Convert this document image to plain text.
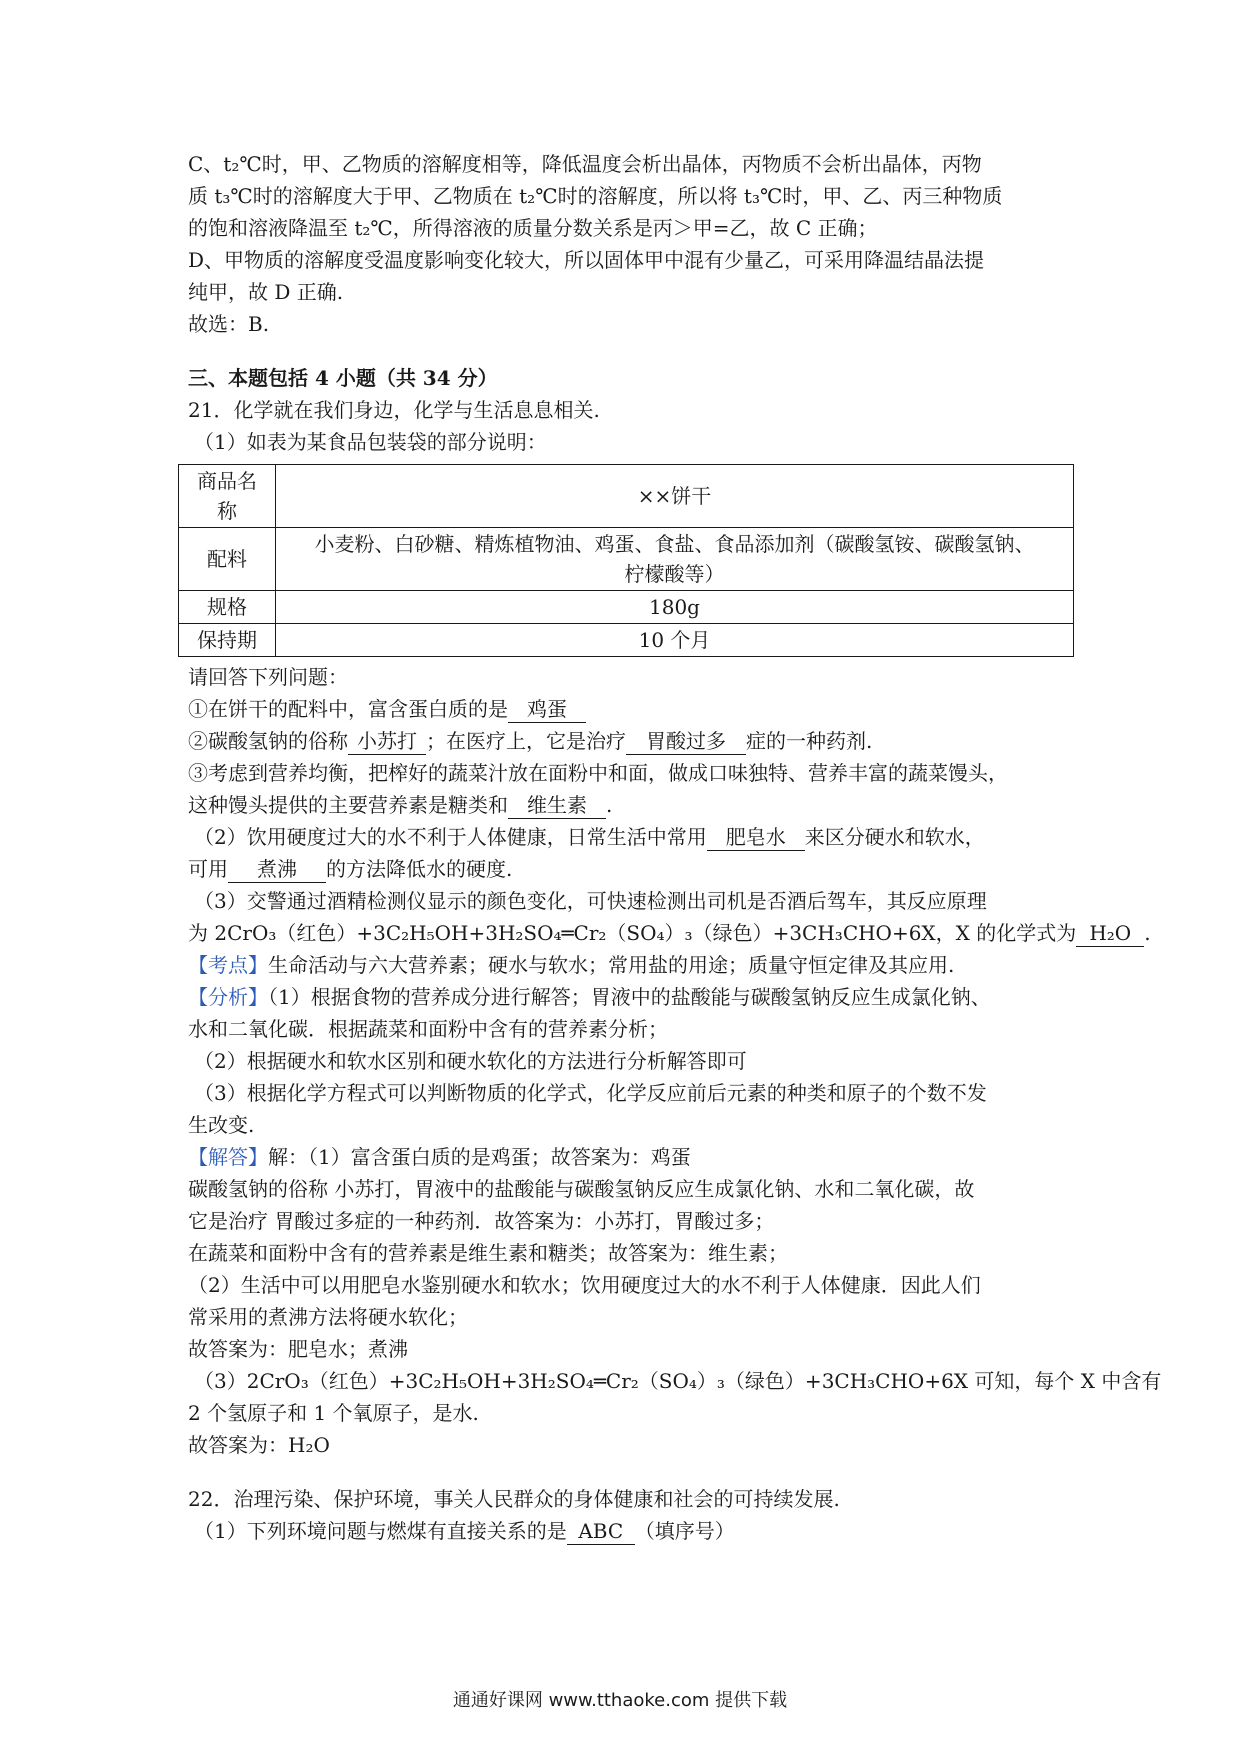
C、t₂℃时，甲、乙物质的溶解度相等，降低温度会析出晶体，丙物质不会析出晶体，丙物
质 t₃℃时的溶解度大于甲、乙物质在 t₂℃时的溶解度，所以将 t₃℃时，甲、乙、丙三种物质
的饱和溶液降温至 t₂℃，所得溶液的质量分数关系是丙＞甲=乙，故 C 正确；
D、甲物质的溶解度受温度影响变化较大，所以固体甲中混有少量乙，可采用降温结晶法提
纯甲，故 D 正确.
故选：B.
三、本题包括 4 小题（共 34 分）
21．化学就在我们身边，化学与生活息息相关.
（1）如表为某食品包装袋的部分说明：
商品名
称	××饼干
配料	小麦粉、白砂糖、精炼植物油、鸡蛋、食盐、食品添加剂（碳酸氢铵、碳酸氢钠、
柠檬酸等）
规格	180g
保持期	10 个月
请回答下列问题：
①在饼干的配料中，富含蛋白质的是 鸡蛋
②碳酸氢钠的俗称 小苏打 ；在医疗上，它是治疗 胃酸过多 症的一种药剂.
③考虑到营养均衡，把榨好的蔬菜汁放在面粉中和面，做成口味独特、营养丰富的蔬菜馒头，
这种馒头提供的主要营养素是糖类和 维生素 .
（2）饮用硬度过大的水不利于人体健康，日常生活中常用 肥皂水 来区分硬水和软水，
可用 煮沸 的方法降低水的硬度.
（3）交警通过酒精检测仪显示的颜色变化，可快速检测出司机是否酒后驾车，其反应原理
为 2CrO₃（红色）+3C₂H₅OH+3H₂SO₄═Cr₂（SO₄）₃（绿色）+3CH₃CHO+6X，X 的化学式为 H₂O .
【考点】生命活动与六大营养素；硬水与软水；常用盐的用途；质量守恒定律及其应用.
【分析】（1）根据食物的营养成分进行解答；胃液中的盐酸能与碳酸氢钠反应生成氯化钠、
水和二氧化碳．根据蔬菜和面粉中含有的营养素分析；
（2）根据硬水和软水区别和硬水软化的方法进行分析解答即可
（3）根据化学方程式可以判断物质的化学式，化学反应前后元素的种类和原子的个数不发
生改变.
【解答】解：（1）富含蛋白质的是鸡蛋；故答案为：鸡蛋
碳酸氢钠的俗称 小苏打，胃液中的盐酸能与碳酸氢钠反应生成氯化钠、水和二氧化碳，故
它是治疗 胃酸过多症的一种药剂．故答案为：小苏打，胃酸过多；
在蔬菜和面粉中含有的营养素是维生素和糖类；故答案为：维生素；
（2）生活中可以用肥皂水鉴别硬水和软水；饮用硬度过大的水不利于人体健康．因此人们
常采用的煮沸方法将硬水软化；
故答案为：肥皂水；煮沸
（3）2CrO₃（红色）+3C₂H₅OH+3H₂SO₄═Cr₂（SO₄）₃（绿色）+3CH₃CHO+6X 可知，每个 X 中含有
2 个氢原子和 1 个氧原子，是水.
故答案为：H₂O
22．治理污染、保护环境，事关人民群众的身体健康和社会的可持续发展.
（1）下列环境问题与燃煤有直接关系的是 ABC （填序号）
通通好课网 www.tthaoke.com 提供下载
